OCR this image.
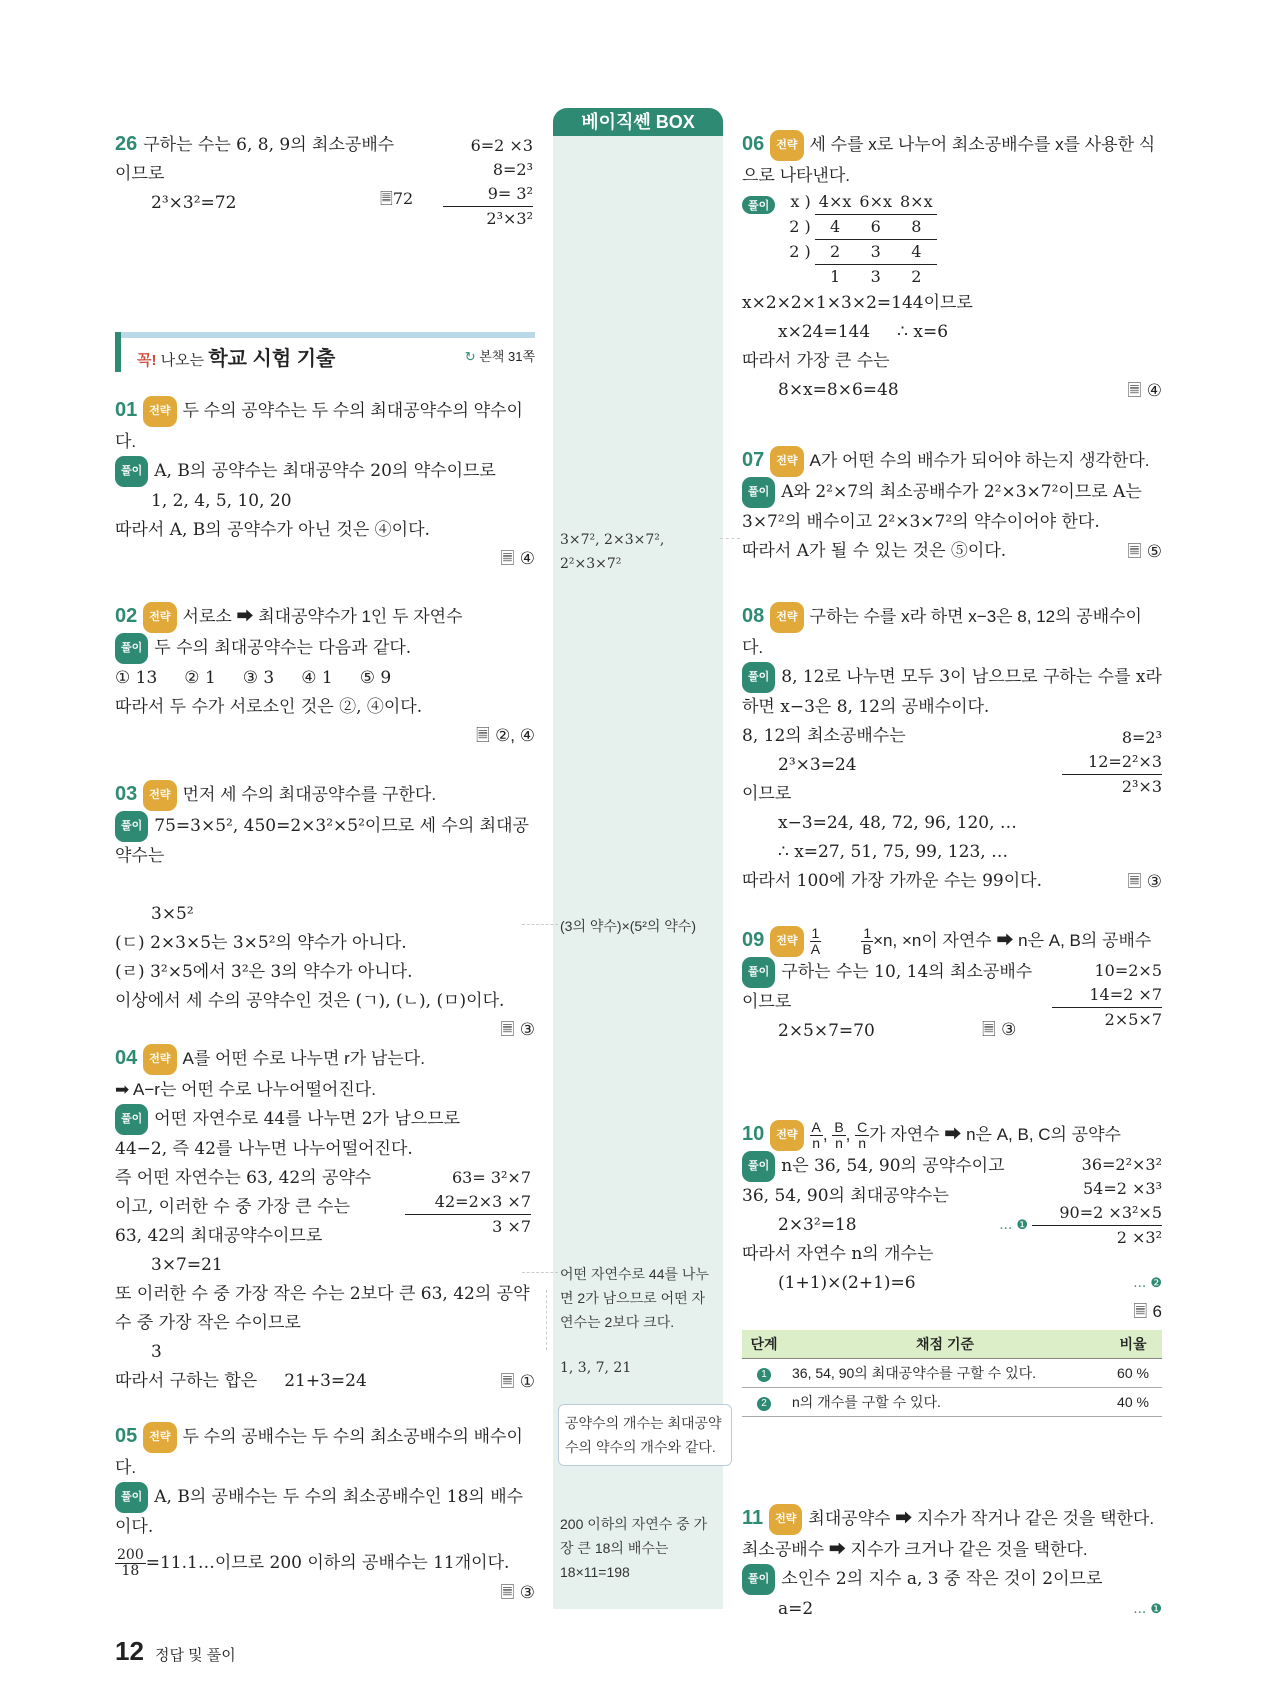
베이직쎈 BOX

26 구하는 수는 6, 8, 9의 최소공배수

이므로

2³×3²=72	🗏72
6=2 ×3
8=2³
9= 3²
2³×3²
꼭! 나오는 학교 시험 기출	↻ 본책 31쪽

01 전략 두 수의 공약수는 두 수의 최대공약수의 약수이다.

풀이 A, B의 공약수는 최대공약수 20의 약수이므로

1, 2, 4, 5, 10, 20

따라서 A, B의 공약수가 아닌 것은 ④이다.

🗏 ④

02 전략 서로소 ➡ 최대공약수가 1인 두 자연수

풀이 두 수의 최대공약수는 다음과 같다.

① 13     ② 1     ③ 3     ④ 1     ⑤ 9

따라서 두 수가 서로소인 것은 ②, ④이다.

🗏 ②, ④

03 전략 먼저 세 수의 최대공약수를 구한다.

풀이 75=3×5², 450=2×3²×5²이므로 세 수의 최대공약수는

3×5²

(ㄷ) 2×3×5는 3×5²의 약수가 아니다.

(ㄹ) 3²×5에서 3²은 3의 약수가 아니다.

이상에서 세 수의 공약수인 것은 (ㄱ), (ㄴ), (ㅁ)이다.

🗏 ③

04 전략 A를 어떤 수로 나누면 r가 남는다.

➡ A−r는 어떤 수로 나누어떨어진다.

풀이 어떤 자연수로 44를 나누면 2가 남으므로

44−2, 즉 42를 나누면 나누어떨어진다.

즉 어떤 자연수는 63, 42의 공약수

이고, 이러한 수 중 가장 큰 수는

63, 42의 최대공약수이므로

63= 3²×7
42=2×3 ×7
3 ×7

3×7=21

또 이러한 수 중 가장 작은 수는 2보다 큰 63, 42의 공약수 중 가장 작은 수이므로

3

따라서 구하는 합은     21+3=24	🗏 ①

05 전략 두 수의 공배수는 두 수의 최소공배수의 배수이다.

풀이 A, B의 공배수는 두 수의 최소공배수인 18의 배수이다.

$\frac{200}{18}=11.1\dots$이므로 200 이하의 공배수는 11개이다.

🗏 ③

3×7², 2×3×7², 2²×3×7²
(3의 약수)×(5²의 약수)
어떤 자연수로 44를 나누면 2가 남으므로 어떤 자연수는 2보다 크다.
1, 3, 7, 21
공약수의 개수는 최대공약수의 약수의 개수와 같다.
200 이하의 자연수 중 가장 큰 18의 배수는 18×11=198

06 전략 세 수를 x로 나누어 최소공배수를 x를 사용한 식으로 나타낸다.

풀이	x )	4×x	6×x	8×x
2 )	4	6	8
2 )	2	3	4
	1	3	2

x×2×2×1×3×2=144이므로

x×24=144     ∴ x=6

따라서 가장 큰 수는

8×x=8×6=48	🗏 ④

07 전략 A가 어떤 수의 배수가 되어야 하는지 생각한다.

풀이 A와 2²×7의 최소공배수가 2²×3×7²이므로 A는 3×7²의 배수이고 2²×3×7²의 약수이어야 한다.

따라서 A가 될 수 있는 것은 ⑤이다.	🗏 ⑤

08 전략 구하는 수를 x라 하면 x−3은 8, 12의 공배수이다.

풀이 8, 12로 나누면 모두 3이 남으므로 구하는 수를 x라 하면 x−3은 8, 12의 공배수이다.

8, 12의 최소공배수는

2³×3=24

이므로

8=2³
12=2²×3
2³×3

x−3=24, 48, 72, 96, 120, …

∴ x=27, 51, 75, 99, 123, …

따라서 100에 가장 가까운 수는 99이다.	🗏 ③

09 전략 $\frac{1}{A}$	$\frac{1}{B}\times n$, ×n이 자연수 ➡ n은 A, B의 공배수

풀이 구하는 수는 10, 14의 최소공배수이므로

2×5×7=70	🗏 ③
10=2×5
14=2 ×7
2×5×7

10 전략 $\frac{A}{n}$, $\frac{B}{n}$, $\frac{C}{n}$가 자연수 ➡ n은 A, B, C의 공약수

풀이 n은 36, 54, 90의 공약수이고 36, 54, 90의 최대공약수는

2×3²=18	… ❶

따라서 자연수 n의 개수는

(1+1)×(2+1)=6	… ❷

36=2²×3²
54=2 ×3³
90=2 ×3²×5
2 ×3²

🗏 6

단계	채점 기준	비율
1	36, 54, 90의 최대공약수를 구할 수 있다.	60 %
2	n의 개수를 구할 수 있다.	40 %

11 전략 최대공약수 ➡ 지수가 작거나 같은 것을 택한다.

최소공배수 ➡ 지수가 크거나 같은 것을 택한다.

풀이 소인수 2의 지수 a, 3 중 작은 것이 2이므로

a=2	… ❶

12 정답 및 풀이
